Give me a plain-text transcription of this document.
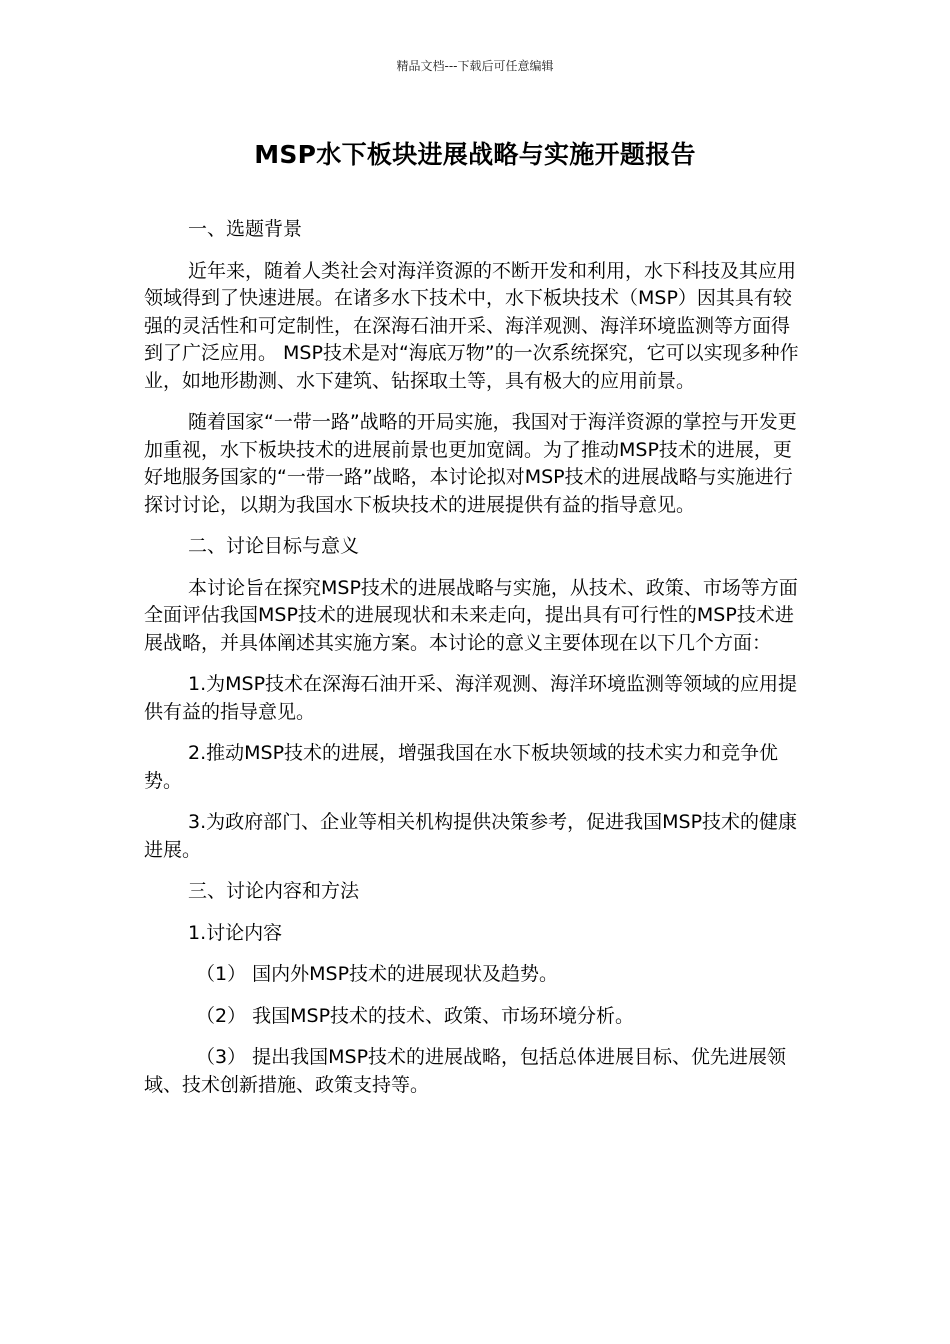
精品文档---下载后可任意编辑
MSP水下板块进展战略与实施开题报告

一、选题背景

近年来，随着人类社会对海洋资源的不断开发和利用，水下科技及其应用领域得到了快速进展。在诸多水下技术中，水下板块技术（MSP）因其具有较强的灵活性和可定制性，在深海石油开采、海洋观测、海洋环境监测等方面得到了广泛应用。 MSP技术是对“海底万物”的一次系统探究，它可以实现多种作业，如地形勘测、水下建筑、钻探取土等，具有极大的应用前景。

随着国家“一带一路”战略的开局实施，我国对于海洋资源的掌控与开发更加重视，水下板块技术的进展前景也更加宽阔。为了推动MSP技术的进展，更好地服务国家的“一带一路”战略，本讨论拟对MSP技术的进展战略与实施进行探讨讨论，以期为我国水下板块技术的进展提供有益的指导意见。

二、讨论目标与意义

本讨论旨在探究MSP技术的进展战略与实施，从技术、政策、市场等方面全面评估我国MSP技术的进展现状和未来走向，提出具有可行性的MSP技术进展战略，并具体阐述其实施方案。本讨论的意义主要体现在以下几个方面：

1.为MSP技术在深海石油开采、海洋观测、海洋环境监测等领域的应用提供有益的指导意见。

2.推动MSP技术的进展，增强我国在水下板块领域的技术实力和竞争优势。

3.为政府部门、企业等相关机构提供决策参考，促进我国MSP技术的健康进展。

三、讨论内容和方法

1.讨论内容

（1） 国内外MSP技术的进展现状及趋势。

（2） 我国MSP技术的技术、政策、市场环境分析。

（3） 提出我国MSP技术的进展战略，包括总体进展目标、优先进展领域、技术创新措施、政策支持等。
